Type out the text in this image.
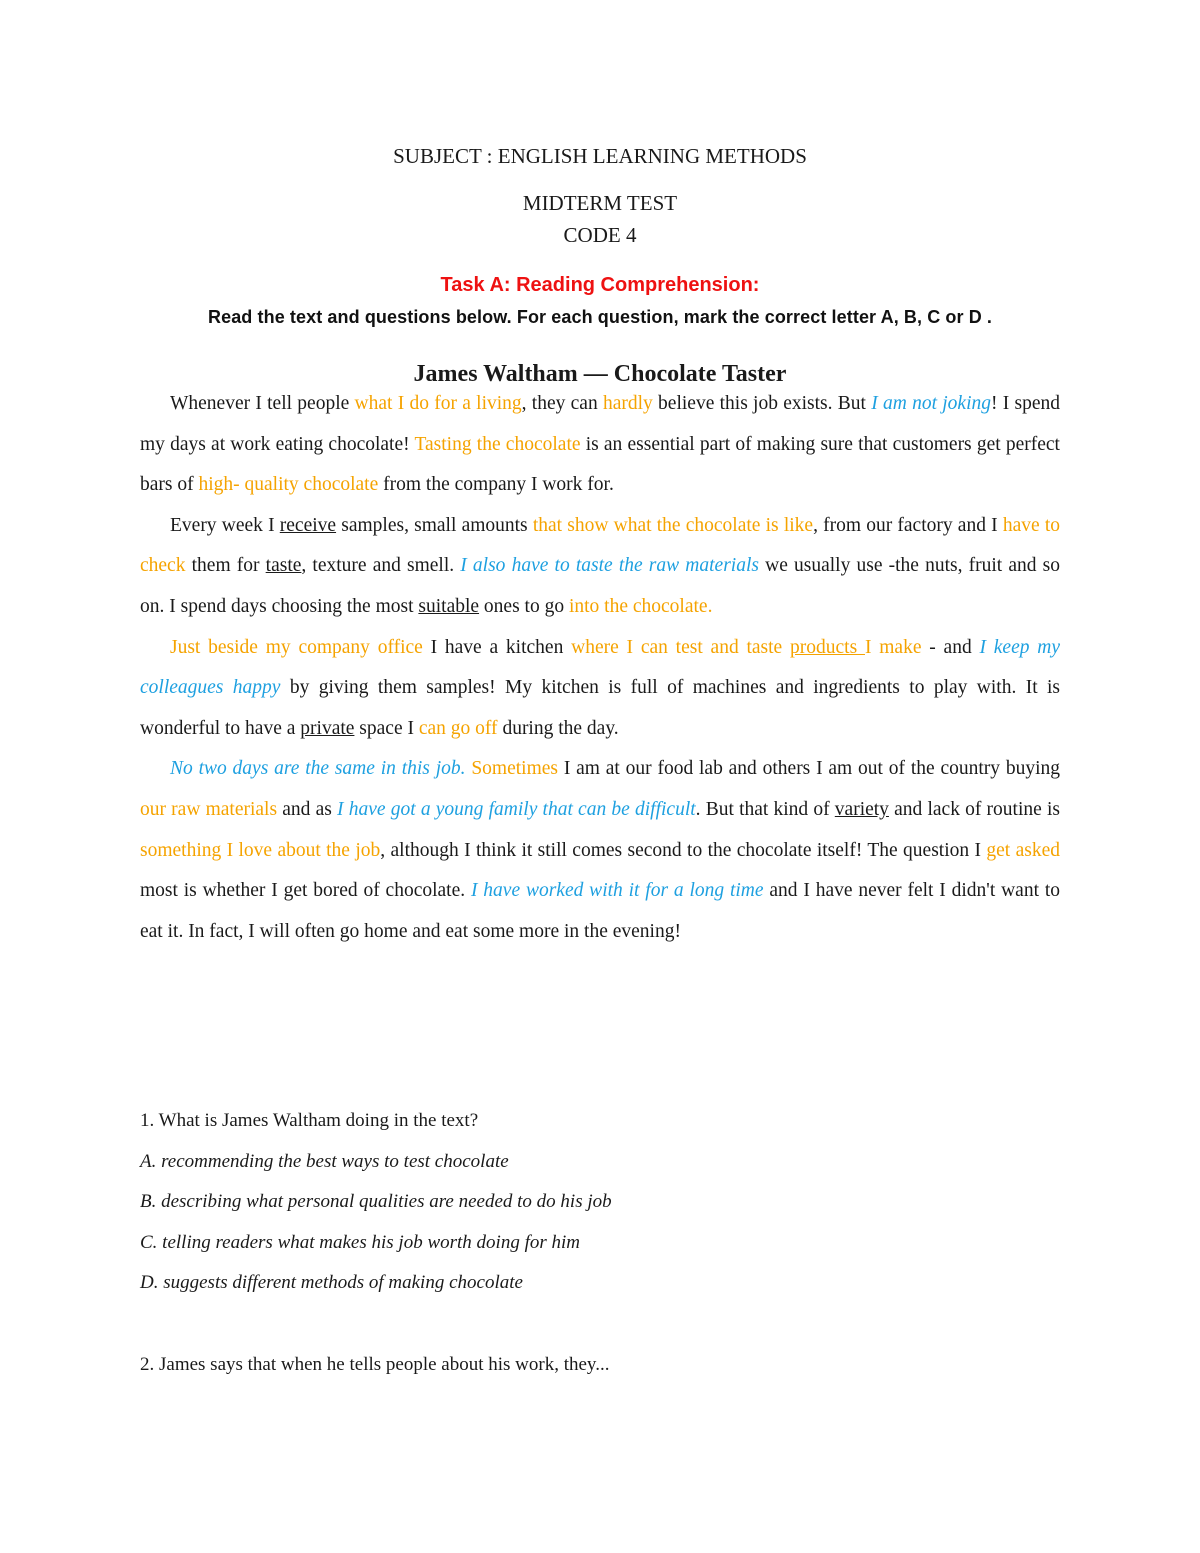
SUBJECT : ENGLISH LEARNING METHODS
MIDTERM TEST
CODE 4
Task A: Reading Comprehension:
Read the text and questions below. For each question, mark the correct letter A, B, C or D .
James Waltham — Chocolate Taster

Whenever I tell people what I do for a living, they can hardly believe this job exists. But I am not joking! I spend my days at work eating chocolate! Tasting the chocolate is an essential part of making sure that customers get perfect bars of high- quality chocolate from the company I work for.

Every week I receive samples, small amounts that show what the chocolate is like, from our factory and I have to check them for taste, texture and smell. I also have to taste the raw materials we usually use -the nuts, fruit and so on. I spend days choosing the most suitable ones to go into the chocolate.

Just beside my company office I have a kitchen where I can test and taste products I make - and I keep my colleagues happy by giving them samples! My kitchen is full of machines and ingredients to play with. It is wonderful to have a private space I can go off during the day.

No two days are the same in this job. Sometimes I am at our food lab and others I am out of the country buying our raw materials and as I have got a young family that can be difficult. But that kind of variety and lack of routine is something I love about the job, although I think it still comes second to the chocolate itself! The question I get asked most is whether I get bored of chocolate. I have worked with it for a long time and I have never felt I didn't want to eat it. In fact, I will often go home and eat some more in the evening!

1. What is James Waltham doing in the text?
A. recommending the best ways to test chocolate
B. describing what personal qualities are needed to do his job
C. telling readers what makes his job worth doing for him
D. suggests different methods of making chocolate
2. James says that when he tells people about his work, they...
